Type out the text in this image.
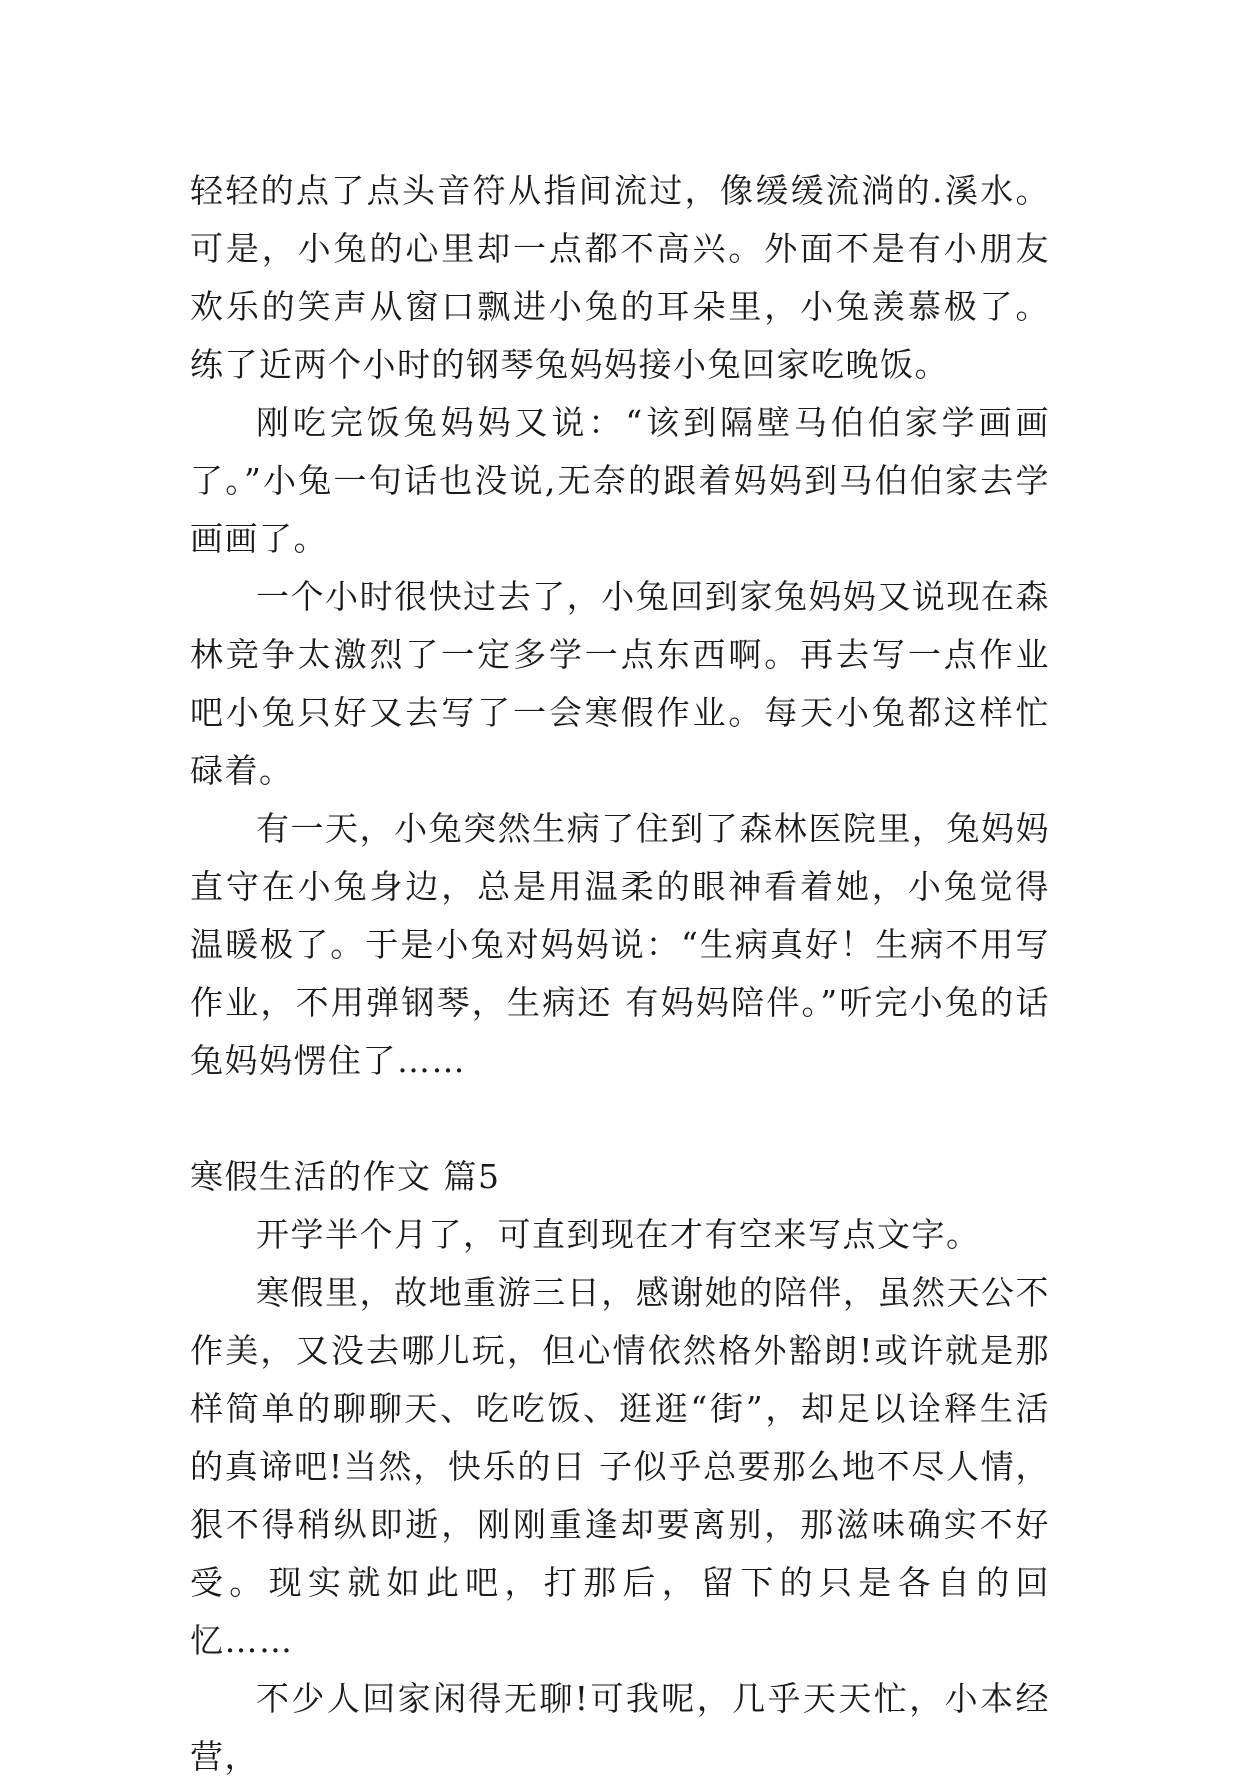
轻轻的点了点头音符从指间流过，像缓缓流淌的.溪水。可是，小兔的心里却一点都不高兴。外面不是有小朋友欢乐的笑声从窗口飘进小兔的耳朵里，小兔羡慕极了。练了近两个小时的钢琴兔妈妈接小兔回家吃晚饭。

刚吃完饭兔妈妈又说：“该到隔壁马伯伯家学画画了。”小兔一句话也没说,无奈的跟着妈妈到马伯伯家去学画画了。

一个小时很快过去了，小兔回到家兔妈妈又说现在森林竞争太激烈了一定多学一点东西啊。再去写一点作业吧小兔只好又去写了一会寒假作业。每天小兔都这样忙碌着。

有一天，小兔突然生病了住到了森林医院里，兔妈妈直守在小兔身边，总是用温柔的眼神看着她，小兔觉得温暖极了。于是小兔对妈妈说：“生病真好！生病不用写作业，不用弹钢琴，生病还 有妈妈陪伴。”听完小兔的话兔妈妈愣住了……

寒假生活的作文 篇5

开学半个月了，可直到现在才有空来写点文字。

寒假里，故地重游三日，感谢她的陪伴，虽然天公不作美，又没去哪儿玩，但心情依然格外豁朗!或许就是那样简单的聊聊天、吃吃饭、逛逛“街”，却足以诠释生活的真谛吧!当然，快乐的日 子似乎总要那么地不尽人情，狠不得稍纵即逝，刚刚重逢却要离别，那滋味确实不好受。现实就如此吧，打那后，留下的只是各自的回忆……

不少人回家闲得无聊!可我呢，几乎天天忙，小本经营，
